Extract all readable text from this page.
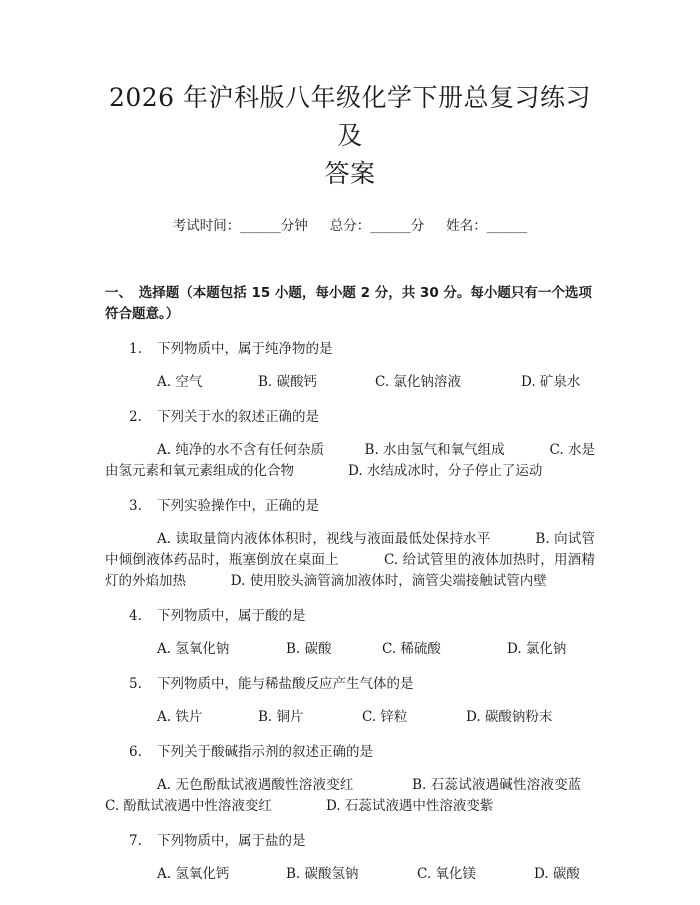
2026 年沪科版八年级化学下册总复习练习及
答案
考试时间：______分钟 总分：______分 姓名：______
一、　选择题（本题包括 15 小题，每小题 2 分，共 30 分。每小题只有一个选项符合题意。）
1. 下列物质中，属于纯净物的是
A. 空气	B. 碳酸钙	C. 氯化钠溶液	D. 矿泉水
2. 下列关于水的叙述正确的是
A. 纯净的水不含有任何杂质   	B. 水由氢气和氧气组成   	C. 水是由氢元素和氧元素组成的化合物    	D. 水结成冰时，分子停止了运动
3. 下列实验操作中，正确的是
A. 读取量筒内液体体积时，视线与液面最低处保持水平   	B. 向试管中倾倒液体药品时，瓶塞倒放在桌面上   	C. 给试管里的液体加热时，用酒精灯的外焰加热   	D. 使用胶头滴管滴加液体时，滴管尖端接触试管内壁
4. 下列物质中，属于酸的是
A. 氢氧化钠	B. 碳酸	C. 稀硫酸	D. 氯化钠
5. 下列物质中，能与稀盐酸反应产生气体的是
A. 铁片	B. 铜片	C. 锌粒	D. 碳酸钠粉末
6. 下列关于酸碱指示剂的叙述正确的是
A. 无色酚酞试液遇酸性溶液变红     	B. 石蕊试液遇碱性溶液变蓝  C. 酚酞试液遇中性溶液变红    	D. 石蕊试液遇中性溶液变紫
7. 下列物质中，属于盐的是
A. 氢氧化钙	B. 碳酸氢钠	C. 氧化镁	D. 碳酸
